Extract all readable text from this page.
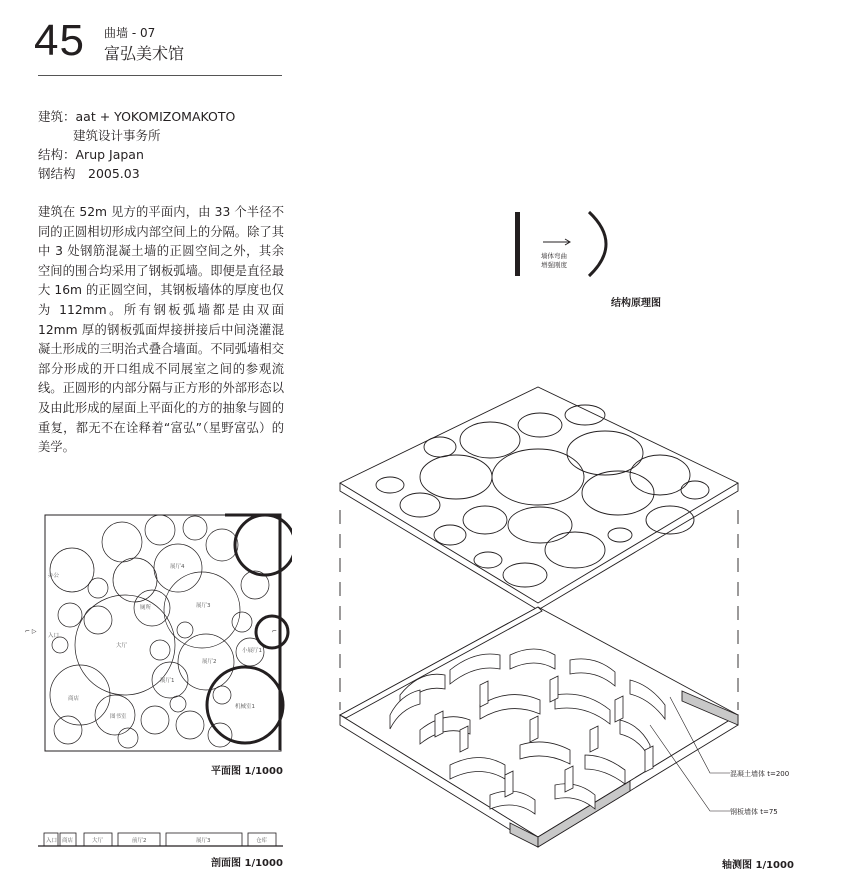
45 曲墙 - 07
富弘美术馆
建筑：aat + YOKOMIZOMAKOTO
建筑设计事务所
结构：Arup Japan
钢结构　2005.03
建筑在 52m 见方的平面内，由 33 个半径不同的正圆相切形成内部空间上的分隔。除了其中 3 处钢筋混凝土墙的正圆空间之外，其余空间的围合均采用了钢板弧墙。即便是直径最大 16m 的正圆空间，其钢板墙体的厚度也仅为 112mm。所有钢板弧墙都是由双面 12mm 厚的钢板弧面焊接拼接后中间浇灌混凝土形成的三明治式叠合墙面。不同弧墙相交部分形成的开口组成不同展室之间的参观流线。正圆形的内部分隔与正方形的外部形态以及由此形成的屋面上平面化的方的抽象与圆的重复，都无不在诠释着“富弘”（星野富弘）的美学。
墙体弯曲
增强刚度
结构原理图
⌐ ▷	⌐
大厅
入口
商店
办公
展厅3
展厅2
展厅4
厕所
展厅1
机械室1
图书室
小展厅1
平面图 1/1000
入口 商店	大厅	前厅2	展厅3	仓库
剖面图 1/1000
混凝土墙体 t=200
钢板墙体 t=75
轴测图 1/1000
